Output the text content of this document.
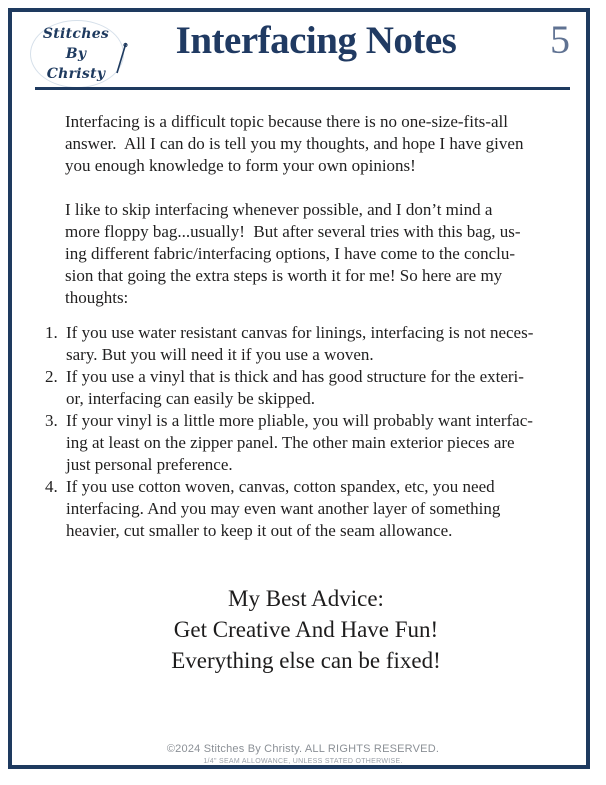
Stitches
By
Christy
Interfacing Notes	5
Interfacing is a difficult topic because there is no one-size-fits-all
answer.  All I can do is tell you my thoughts, and hope I have given
you enough knowledge to form your own opinions!
I like to skip interfacing whenever possible, and I don’t mind a
more floppy bag...usually!  But after several tries with this bag, us-
ing different fabric/interfacing options, I have come to the conclu-
sion that going the extra steps is worth it for me! So here are my
thoughts:
1. If you use water resistant canvas for linings, interfacing is not neces-
sary. But you will need it if you use a woven.
2. If you use a vinyl that is thick and has good structure for the exteri-
or, interfacing can easily be skipped.
3. If your vinyl is a little more pliable, you will probably want interfac-
ing at least on the zipper panel. The other main exterior pieces are
just personal preference.
4. If you use cotton woven, canvas, cotton spandex, etc, you need
interfacing. And you may even want another layer of something
heavier, cut smaller to keep it out of the seam allowance.
My Best Advice:
Get Creative And Have Fun!
Everything else can be fixed!
©2024 Stitches By Christy. ALL RIGHTS RESERVED.
1/4" SEAM ALLOWANCE, UNLESS STATED OTHERWISE.
